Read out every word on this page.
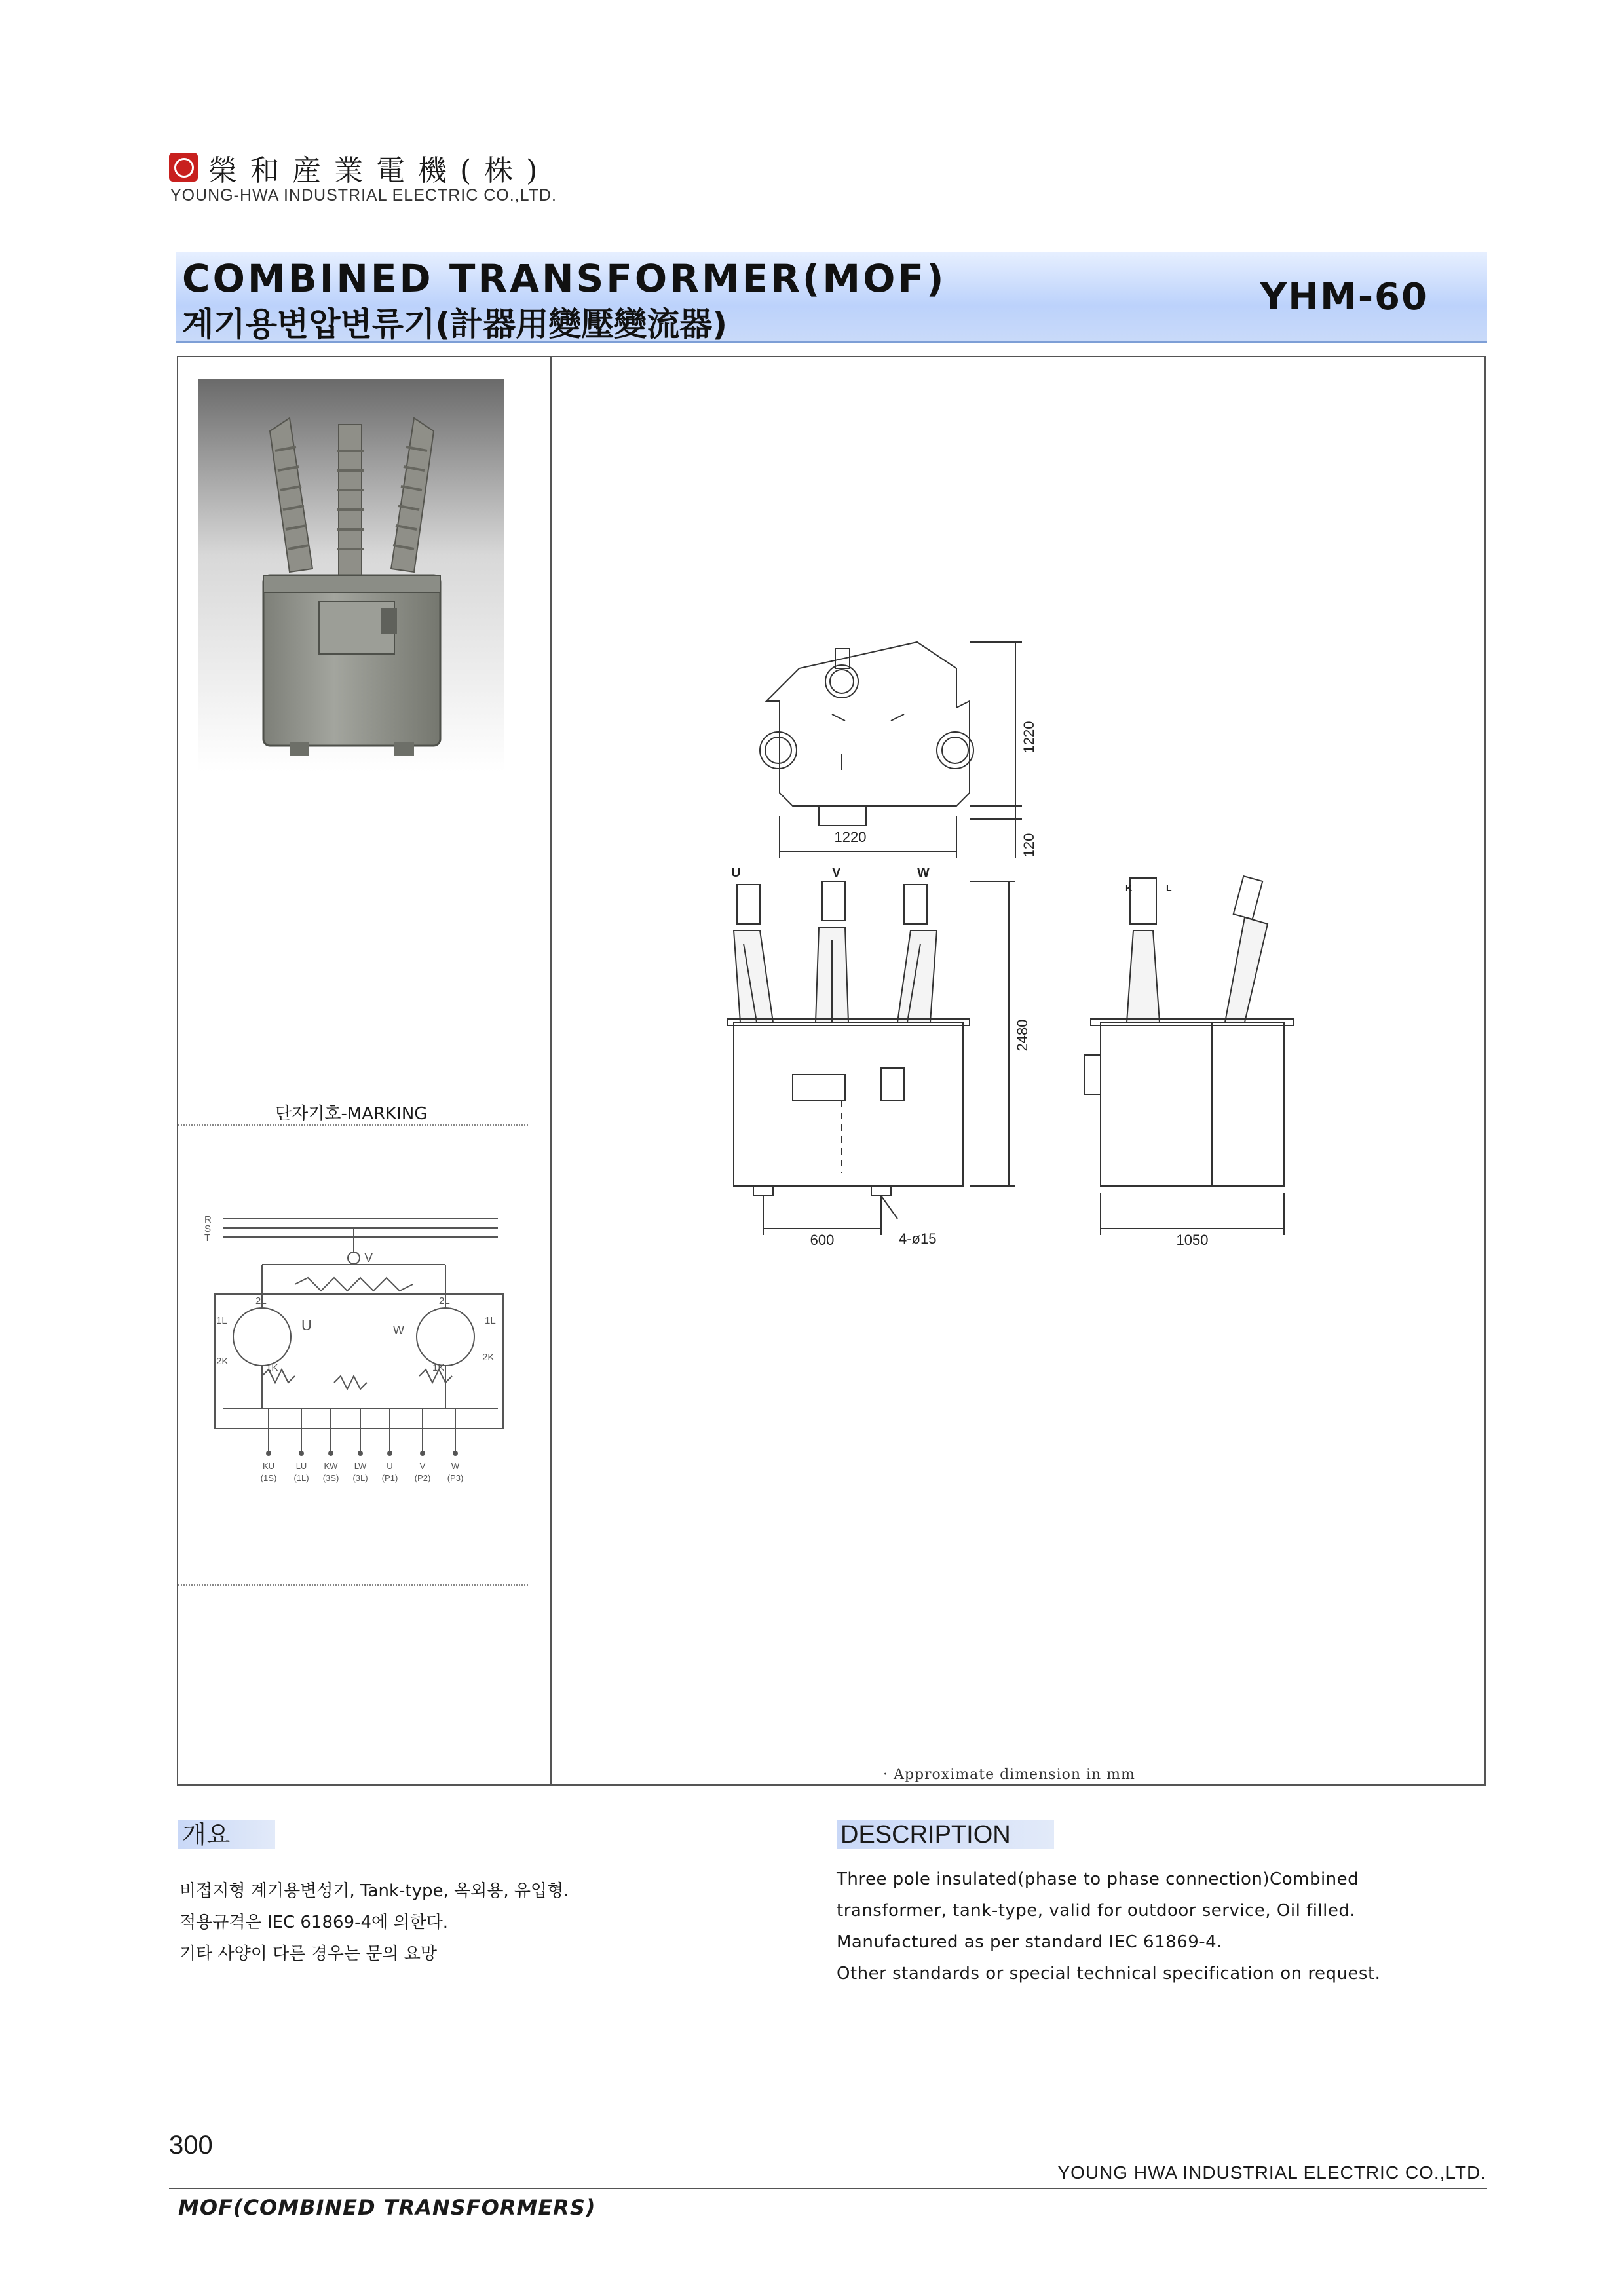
榮和産業電機(株)
YOUNG-HWA INDUSTRIAL ELECTRIC CO.,LTD.
COMBINED TRANSFORMER(MOF)
계기용변압변류기(計器用變壓變流器)
YHM-60
단자기호-MARKING
R
S
T
V
U	W
1L
2K
2L
1K
1L
2K
2L
1K
KU	LU KW LW U	V	W
(1S) (1L) (3S) (3L) (P1) (P2) (P3)
1220
1220
120
U	V	W
K	L
2480
600	4-ø15	1050
· Approximate dimension in mm
개요
비접지형 계기용변성기, Tank-type, 옥외용, 유입형.
적용규격은 IEC 61869-4에 의한다.
기타 사양이 다른 경우는 문의 요망
DESCRIPTION
Three pole insulated(phase to phase connection)Combined
transformer, tank-type, valid for outdoor service, Oil filled.
Manufactured as per standard IEC 61869-4.
Other standards or special technical specification on request.
300
YOUNG HWA INDUSTRIAL ELECTRIC CO.,LTD.
MOF(COMBINED TRANSFORMERS)
